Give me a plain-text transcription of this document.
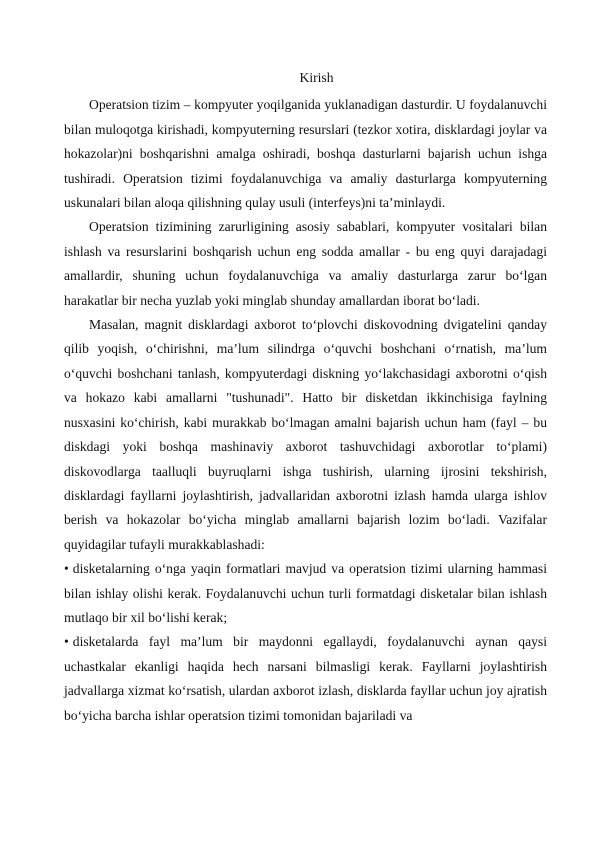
Kirish

Operatsion tizim – kompyuter yoqilganida yuklanadigan dasturdir. U foydalanuvchi bilan muloqotga kirishadi, kompyuterning resurslari (tezkor xotira, disklardagi joylar va hokazolar)ni boshqarishni amalga oshiradi, boshqa dasturlarni bajarish uchun ishga tushiradi. Operatsion tizimi foydalanuvchiga va amaliy dasturlarga kompyuterning uskunalari bilan aloqa qilishning qulay usuli (interfeys)ni ta’minlaydi.

Operatsion tizimining zarurligining asosiy sabablari, kompyuter vositalari bilan ishlash va resurslarini boshqarish uchun eng sodda amallar - bu eng quyi darajadagi amallardir, shuning uchun foydalanuvchiga va amaliy dasturlarga zarur bo‘lgan harakatlar bir necha yuzlab yoki minglab shunday amallardan iborat bo‘ladi.

Masalan, magnit disklardagi axborot to‘plovchi diskovodning dvigatelini qanday qilib yoqish, o‘chirishni, ma’lum silindrga o‘quvchi boshchani o‘rnatish, ma’lum o‘quvchi boshchani tanlash, kompyuterdagi diskning yo‘lakchasidagi axborotni o‘qish va hokazo kabi amallarni "tushunadi". Hatto bir disketdan ikkinchisiga faylning nusxasini ko‘chirish, kabi murakkab bo‘lmagan amalni bajarish uchun ham (fayl – bu diskdagi yoki boshqa mashinaviy axborot tashuvchidagi axborotlar to‘plami) diskovodlarga taalluqli buyruqlarni ishga tushirish, ularning ijrosini tekshirish, disklardagi fayllarni joylashtirish, jadvallaridan axborotni izlash hamda ularga ishlov berish va hokazolar bo‘yicha minglab amallarni bajarish lozim bo‘ladi. Vazifalar quyidagilar tufayli murakkablashadi:

• disketalarning o‘nga yaqin formatlari mavjud va operatsion tizimi ularning hammasi bilan ishlay olishi kerak. Foydalanuvchi uchun turli formatdagi disketalar bilan ishlash mutlaqo bir xil bo‘lishi kerak;

• disketalarda fayl ma’lum bir maydonni egallaydi, foydalanuvchi aynan qaysi uchastkalar ekanligi haqida hech narsani bilmasligi kerak. Fayllarni joylashtirish jadvallarga xizmat ko‘rsatish, ulardan axborot izlash, disklarda fayllar uchun joy ajratish bo‘yicha barcha ishlar operatsion tizimi tomonidan bajariladi va
